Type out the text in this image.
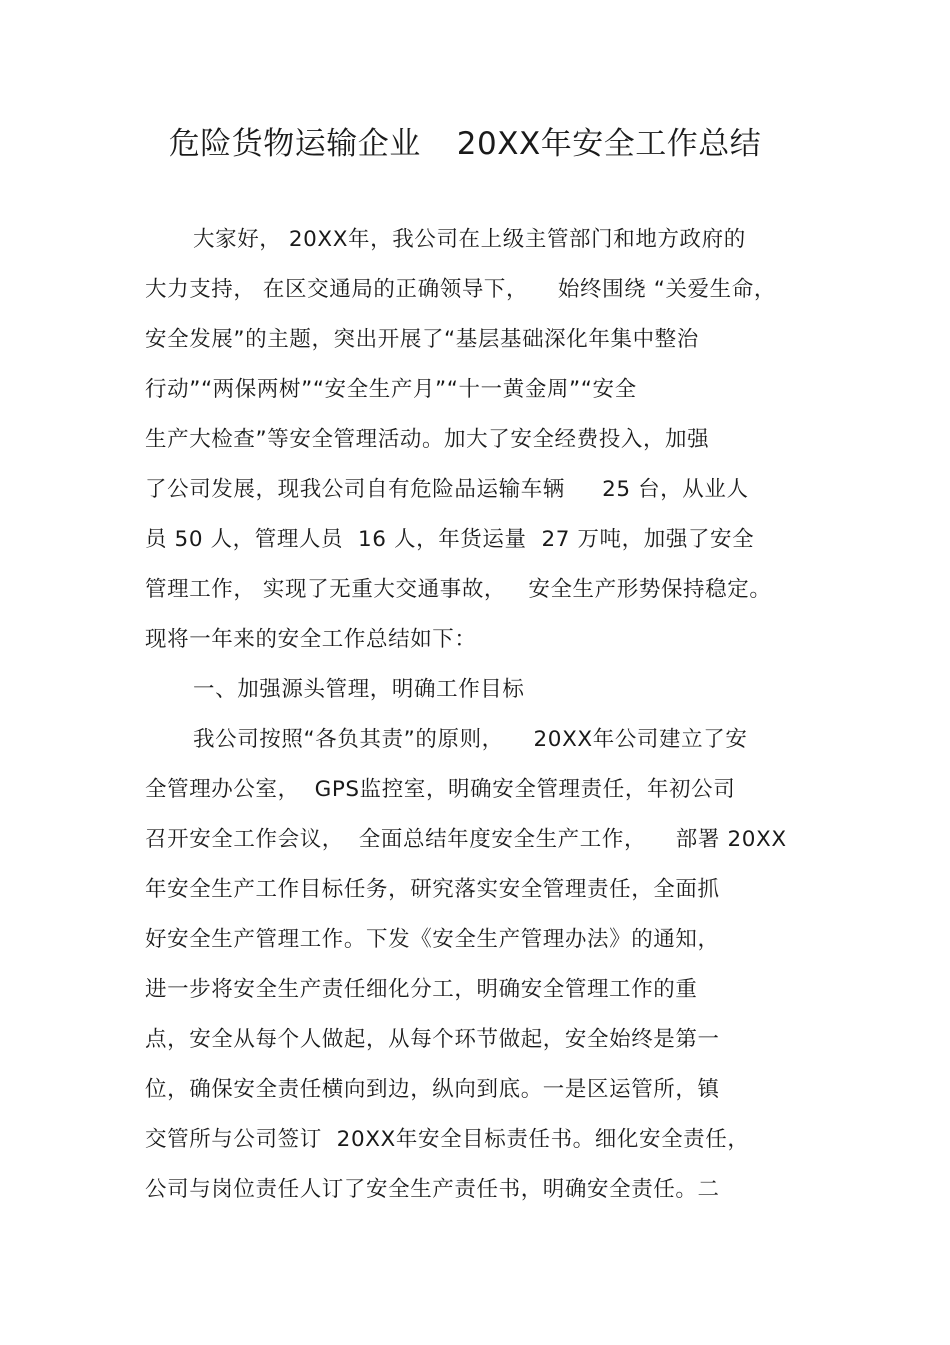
危险货物运输企业 20XX年安全工作总结
大家好， 20XX年，我公司在上级主管部门和地方政府的
大力支持， 在区交通局的正确领导下，    始终围绕 “关爱生命，
安全发展”的主题，突出开展了“基层基础深化年集中整治
行动”“两保两树”“安全生产月”“十一黄金周”“安全
生产大检查”等安全管理活动。加大了安全经费投入，加强
了公司发展，现我公司自有危险品运输车辆     25 台，从业人
员 50 人，管理人员  16 人，年货运量  27 万吨，加强了安全
管理工作， 实现了无重大交通事故，   安全生产形势保持稳定。
现将一年来的安全工作总结如下：
一、加强源头管理，明确工作目标
我公司按照“各负其责”的原则，    20XX年公司建立了安
全管理办公室，  GPS监控室，明确安全管理责任，年初公司
召开安全工作会议，  全面总结年度安全生产工作，    部署 20XX
年安全生产工作目标任务，研究落实安全管理责任，全面抓
好安全生产管理工作。下发《安全生产管理办法》的通知，
进一步将安全生产责任细化分工，明确安全管理工作的重
点，安全从每个人做起，从每个环节做起，安全始终是第一
位，确保安全责任横向到边，纵向到底。一是区运管所，镇
交管所与公司签订  20XX年安全目标责任书。细化安全责任，
公司与岗位责任人订了安全生产责任书，明确安全责任。二
